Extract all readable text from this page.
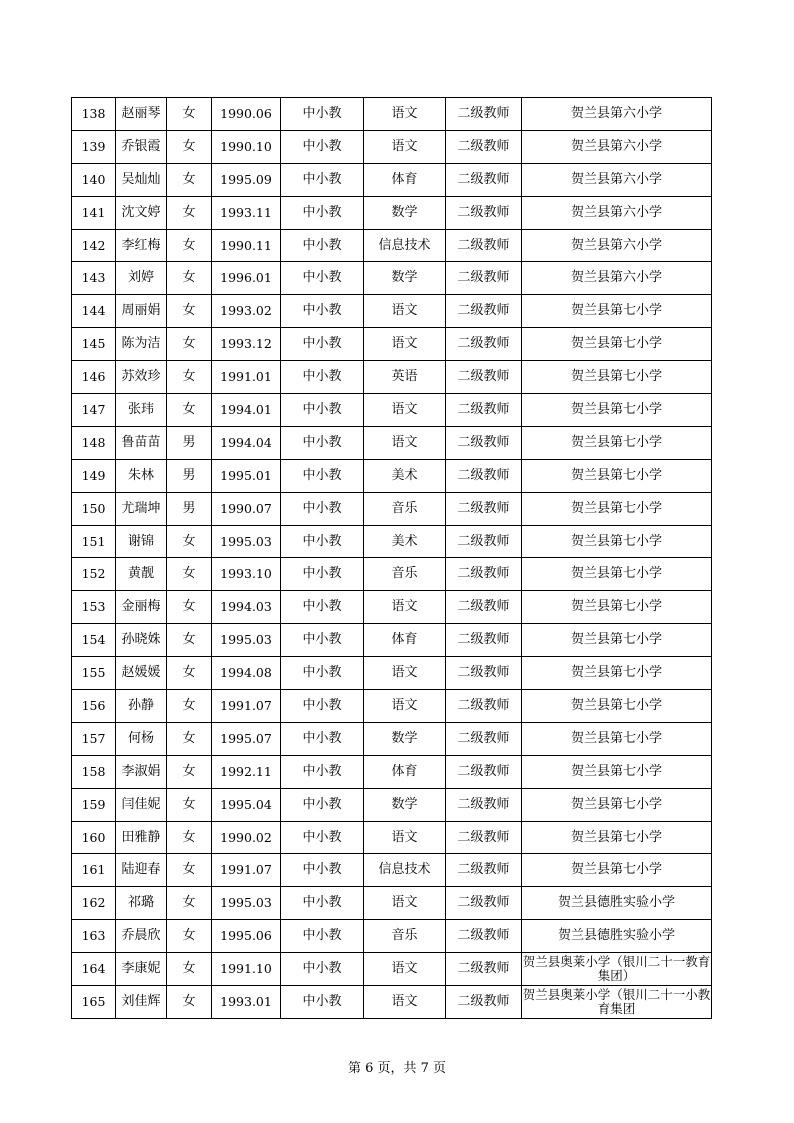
138	赵丽琴	女	1990.06	中小教	语文	二级教师	贺兰县第六小学
139	乔银霞	女	1990.10	中小教	语文	二级教师	贺兰县第六小学
140	吴灿灿	女	1995.09	中小教	体育	二级教师	贺兰县第六小学
141	沈文婷	女	1993.11	中小教	数学	二级教师	贺兰县第六小学
142	李红梅	女	1990.11	中小教	信息技术	二级教师	贺兰县第六小学
143	刘婷	女	1996.01	中小教	数学	二级教师	贺兰县第六小学
144	周丽娟	女	1993.02	中小教	语文	二级教师	贺兰县第七小学
145	陈为洁	女	1993.12	中小教	语文	二级教师	贺兰县第七小学
146	苏效珍	女	1991.01	中小教	英语	二级教师	贺兰县第七小学
147	张玮	女	1994.01	中小教	语文	二级教师	贺兰县第七小学
148	鲁苗苗	男	1994.04	中小教	语文	二级教师	贺兰县第七小学
149	朱林	男	1995.01	中小教	美术	二级教师	贺兰县第七小学
150	尤瑞坤	男	1990.07	中小教	音乐	二级教师	贺兰县第七小学
151	谢锦	女	1995.03	中小教	美术	二级教师	贺兰县第七小学
152	黄靓	女	1993.10	中小教	音乐	二级教师	贺兰县第七小学
153	金丽梅	女	1994.03	中小教	语文	二级教师	贺兰县第七小学
154	孙晓姝	女	1995.03	中小教	体育	二级教师	贺兰县第七小学
155	赵媛媛	女	1994.08	中小教	语文	二级教师	贺兰县第七小学
156	孙静	女	1991.07	中小教	语文	二级教师	贺兰县第七小学
157	何杨	女	1995.07	中小教	数学	二级教师	贺兰县第七小学
158	李淑娟	女	1992.11	中小教	体育	二级教师	贺兰县第七小学
159	闫佳妮	女	1995.04	中小教	数学	二级教师	贺兰县第七小学
160	田雅静	女	1990.02	中小教	语文	二级教师	贺兰县第七小学
161	陆迎春	女	1991.07	中小教	信息技术	二级教师	贺兰县第七小学
162	祁璐	女	1995.03	中小教	语文	二级教师	贺兰县德胜实验小学
163	乔晨欣	女	1995.06	中小教	音乐	二级教师	贺兰县德胜实验小学
164	李康妮	女	1991.10	中小教	语文	二级教师	贺兰县奥莱小学（银川二十一教育集团）
165	刘佳辉	女	1993.01	中小教	语文	二级教师	贺兰县奥莱小学（银川二十一小教育集团
第 6 页，共 7 页
